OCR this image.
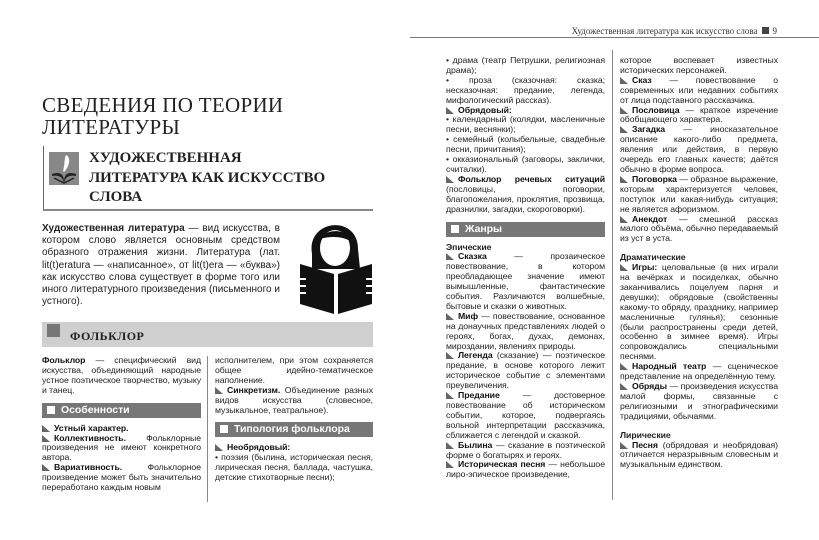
СВЕДЕНИЯ ПО ТЕОРИИ ЛИТЕРАТУРЫ
ХУДОЖЕСТВЕННАЯ
ЛИТЕРАТУРА КАК ИСКУССТВО
СЛОВА

Художественная литература — вид искусства, в котором слово является основным средством образного отражения жизни. Литература (лат. lit(t)eratura — «написанное», от lit(t)era — «буква») как искусство слова существует в форме того или иного литературного произведения (письменного и устного).

ФОЛЬКЛОР
Фольклор — специфический вид искусства, объединяющий народные устное поэтическое творчество, музыку и танец.
Особенности
Устный характер.
Коллективность. Фольклорные произведения не имеют конкретного автора.
Вариативность. Фольклорное произведение может быть значительно переработано каждым новым
исполнителем, при этом сохраняется общее идейно-тематическое наполнение.
Синкретизм. Объединение разных видов искусства (словесное, музыкальное, театральное).
Типология фольклора
Необрядовый:
• поэзия (былина, историческая песня, лирическая песня, баллада, частушка, детские стихотворные песни);
Художественная литература как искусство слова 9
• драма (театр Петрушки, религиозная драма);
• проза (сказочная: сказка; несказочная: предание, легенда, мифологический рассказ).
Обрядовый:
• календарный (колядки, масленичные песни, веснянки);
• семейный (колыбельные, свадебные песни, причитания);
• окказиональный (заговоры, заклички, считалки).
Фольклор речевых ситуаций (пословицы, поговорки, благопожелания, проклятия, прозвища, дразнилки, загадки, скороговорки).
Жанры
Эпические
Сказка — прозаическое повествование, в котором преобладающее значение имеют вымышленные, фантастические события. Различаются волшебные, бытовые и сказки о животных.
Миф — повествование, основанное на донаучных представлениях людей о героях, богах, духах, демонах, мироздании, явлениях природы.
Легенда (сказание) — поэтическое предание, в основе которого лежит историческое событие с элементами преувеличения.
Предание — достоверное повествование об историческом событии, которое, подвергаясь вольной интерпретации рассказчика, сближается с легендой и сказкой.
Былина — сказание в поэтической форме о богатырях и героях.
Историческая песня — небольшое лиро-эпическое произведение,
которое воспевает известных исторических персонажей.
Сказ — повествование о современных или недавних событиях от лица подставного рассказчика.
Пословица — краткое изречение обобщающего характера.
Загадка — иносказательное описание какого-либо предмета, явления или действия, в первую очередь его главных качеств; даётся обычно в форме вопроса.
Поговорка — образное выражение, которым характеризуется человек, поступок или какая-нибудь ситуация; не является афоризмом.
Анекдот — смешной рассказ малого объёма, обычно передаваемый из уст в уста.
Драматические
Игры: целовальные (в них играли на вечёрках и посиделках, обычно заканчивались поцелуем парня и девушки); обрядовые (свойственны какому-то обряду, празднику, например масленичные гулянья); сезонные (были распространены среди детей, особенно в зимнее время). Игры сопровождались специальными песнями.
Народный театр — сценическое представление на определённую тему.
Обряды — произведения искусства малой формы, связанные с религиозными и этнографическими традициями, обычаями.
Лирические
Песня (обрядовая и необрядовая) отличается неразрывным словесным и музыкальным единством.
